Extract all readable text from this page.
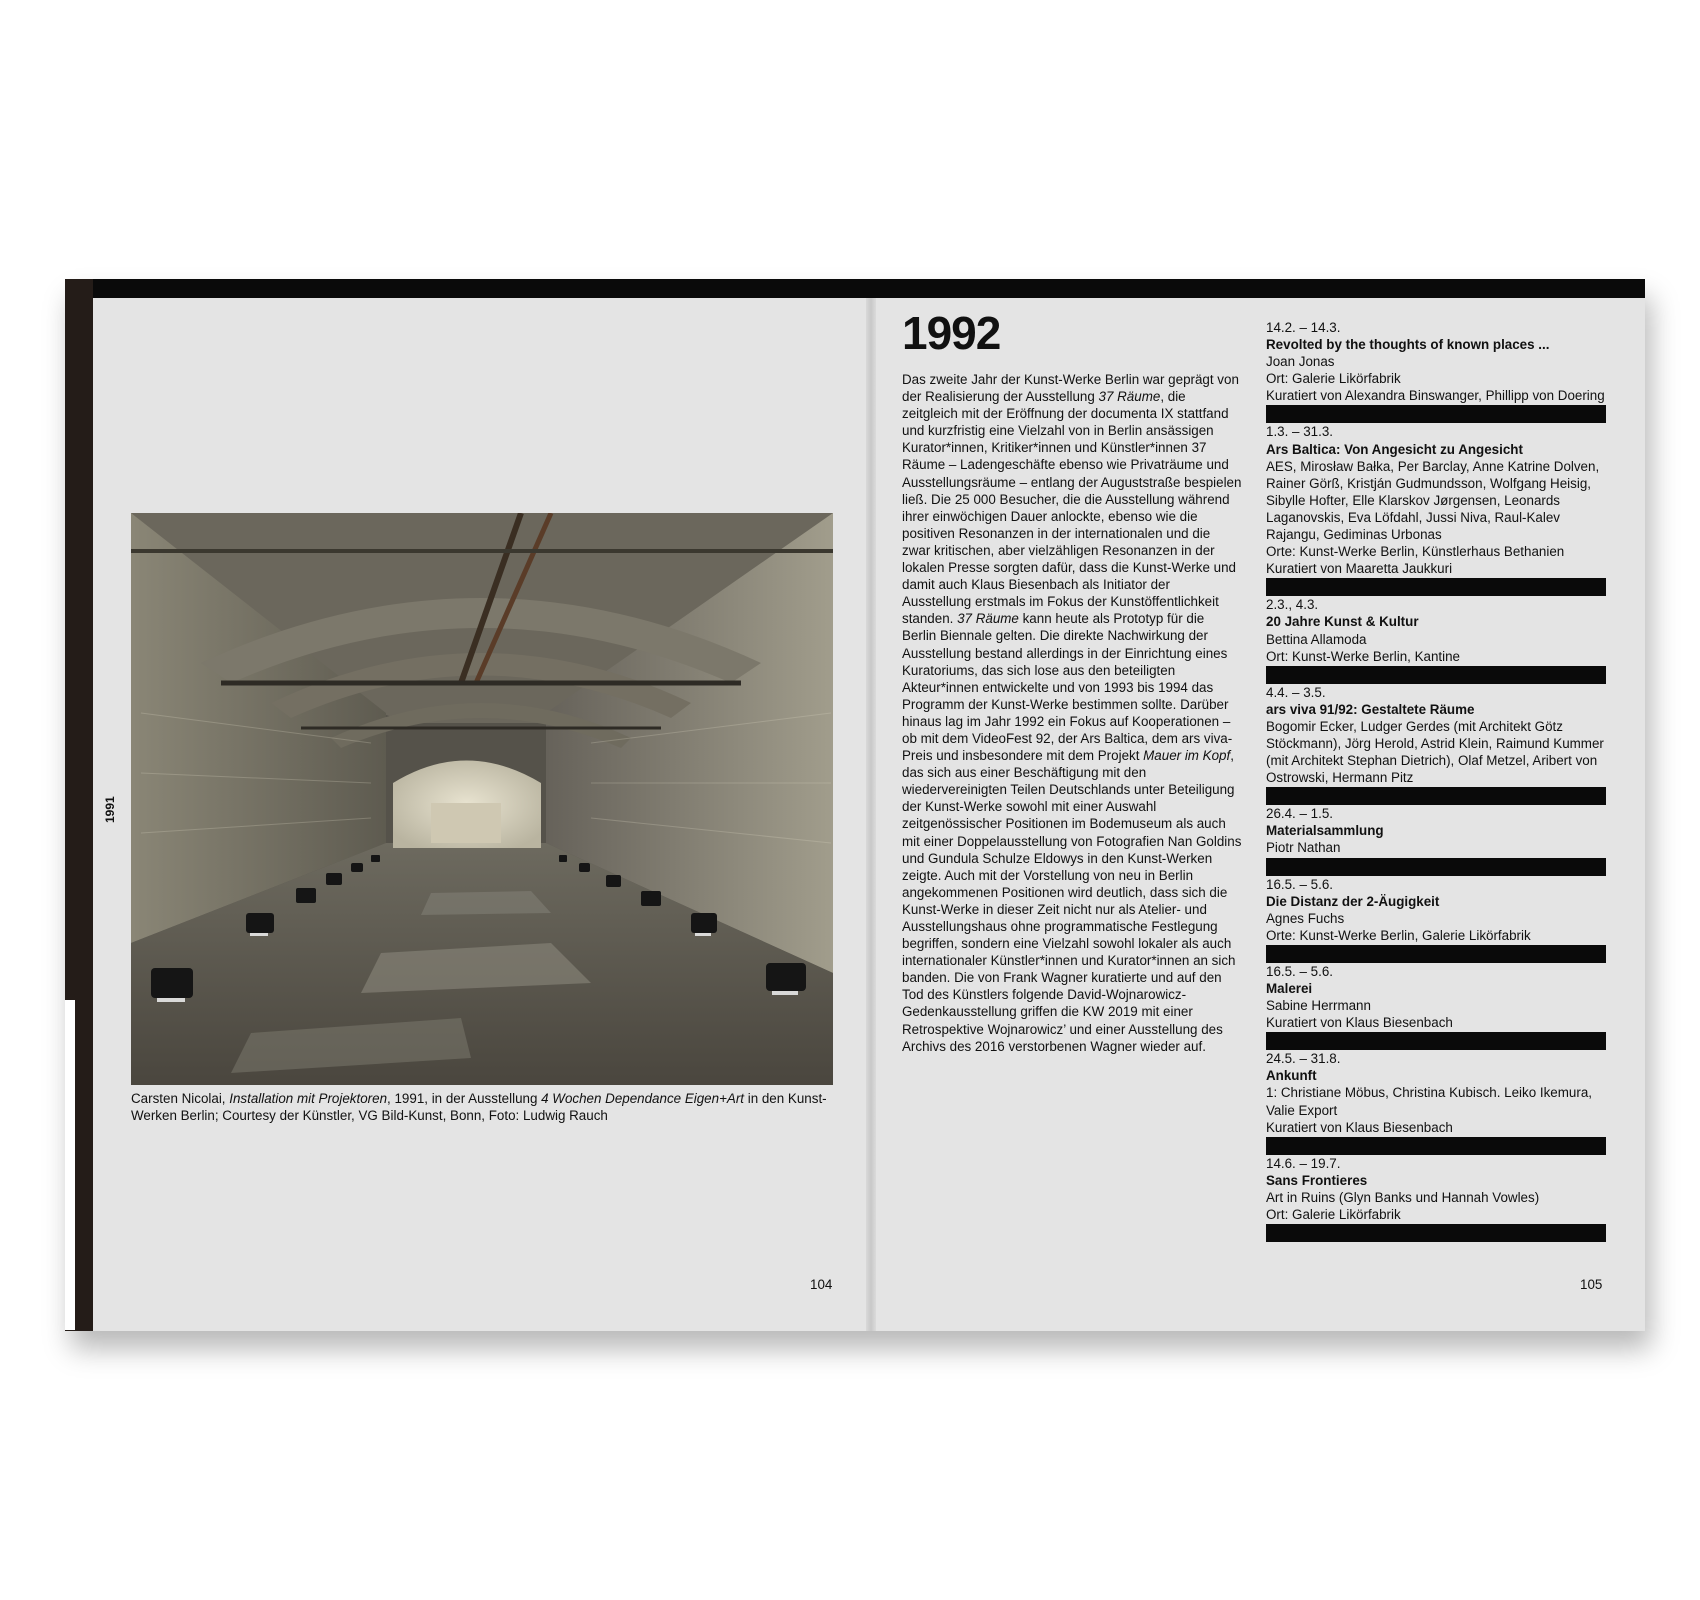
1991
Carsten Nicolai, Installation mit Projektoren, 1991, in der Ausstellung 4 Wochen Dependance Eigen+Art in den Kunst-Werken Berlin; Courtesy der Künstler, VG Bild-Kunst, Bonn, Foto: Ludwig Rauch
104
1992
Das zweite Jahr der Kunst-Werke Berlin war geprägt von der Realisierung der Ausstellung 37 Räume, die zeitgleich mit der Eröffnung der documenta IX stattfand und kurzfristig eine Vielzahl von in Berlin ansässigen Kurator*innen, Kritiker*innen und Künstler*innen 37 Räume – Ladengeschäfte ebenso wie Privaträume und Ausstellungsräume – entlang der Auguststraße bespielen ließ. Die 25 000 Besucher, die die Ausstellung während ihrer einwöchigen Dauer anlockte, ebenso wie die positiven Resonanzen in der internationalen und die zwar kritischen, aber vielzähligen Resonanzen in der lokalen Presse sorgten dafür, dass die Kunst-Werke und damit auch Klaus Biesenbach als Initiator der Ausstellung erstmals im Fokus der Kunstöffentlichkeit standen. 37 Räume kann heute als Prototyp für die Berlin Biennale gelten. Die direkte Nachwirkung der Ausstellung bestand allerdings in der Einrichtung eines Kuratoriums, das sich lose aus den beteiligten Akteur*innen entwickelte und von 1993 bis 1994 das Programm der Kunst-Werke bestimmen sollte. Darüber hinaus lag im Jahr 1992 ein Fokus auf Kooperationen – ob mit dem VideoFest 92, der Ars Baltica, dem ars viva-Preis und insbesondere mit dem Projekt Mauer im Kopf, das sich aus einer Beschäftigung mit den wiedervereinigten Teilen Deutschlands unter Beteiligung der Kunst-Werke sowohl mit einer Auswahl zeitgenössischer Positionen im Bodemuseum als auch mit einer Doppelausstellung von Fotografien Nan Goldins und Gundula Schulze Eldowys in den Kunst-Werken zeigte. Auch mit der Vorstellung von neu in Berlin angekommenen Positionen wird deutlich, dass sich die Kunst-Werke in dieser Zeit nicht nur als Atelier- und Ausstellungshaus ohne programmatische Festlegung begriffen, sondern eine Vielzahl sowohl lokaler als auch internationaler Künstler*innen und Kurator*innen an sich banden. Die von Frank Wagner kuratierte und auf den Tod des Künstlers folgende David-Wojnarowicz-Gedenkausstellung griffen die KW 2019 mit einer Retrospektive Wojnarowicz’ und einer Ausstellung des Archivs des 2016 verstorbenen Wagner wieder auf.
14.2. – 14.3.
Revolted by the thoughts of known places ...
Joan Jonas
Ort: Galerie Likörfabrik
Kuratiert von Alexandra Binswanger, Phillipp von Doering
1.3. – 31.3.
Ars Baltica: Von Angesicht zu Angesicht
AES, Mirosław Bałka, Per Barclay, Anne Katrine Dolven, Rainer Görß, Kristján Gudmundsson, Wolfgang Heisig, Sibylle Hofter, Elle Klarskov Jørgensen, Leonards Laganovskis, Eva Löfdahl, Jussi Niva, Raul-Kalev Rajangu, Gediminas Urbonas
Orte: Kunst-Werke Berlin, Künstlerhaus Bethanien
Kuratiert von Maaretta Jaukkuri
2.3., 4.3.
20 Jahre Kunst & Kultur
Bettina Allamoda
Ort: Kunst-Werke Berlin, Kantine
4.4. – 3.5.
ars viva 91/92: Gestaltete Räume
Bogomir Ecker, Ludger Gerdes (mit Architekt Götz Stöckmann), Jörg Herold, Astrid Klein, Raimund Kummer (mit Architekt Stephan Dietrich), Olaf Metzel, Aribert von Ostrowski, Hermann Pitz
26.4. – 1.5.
Materialsammlung
Piotr Nathan
16.5. – 5.6.
Die Distanz der 2-Äugigkeit
Agnes Fuchs
Orte: Kunst-Werke Berlin, Galerie Likörfabrik
16.5. – 5.6.
Malerei
Sabine Herrmann
Kuratiert von Klaus Biesenbach
24.5. – 31.8.
Ankunft
1: Christiane Möbus, Christina Kubisch. Leiko Ikemura, Valie Export
Kuratiert von Klaus Biesenbach
14.6. – 19.7.
Sans Frontieres
Art in Ruins (Glyn Banks und Hannah Vowles)
Ort: Galerie Likörfabrik
105
